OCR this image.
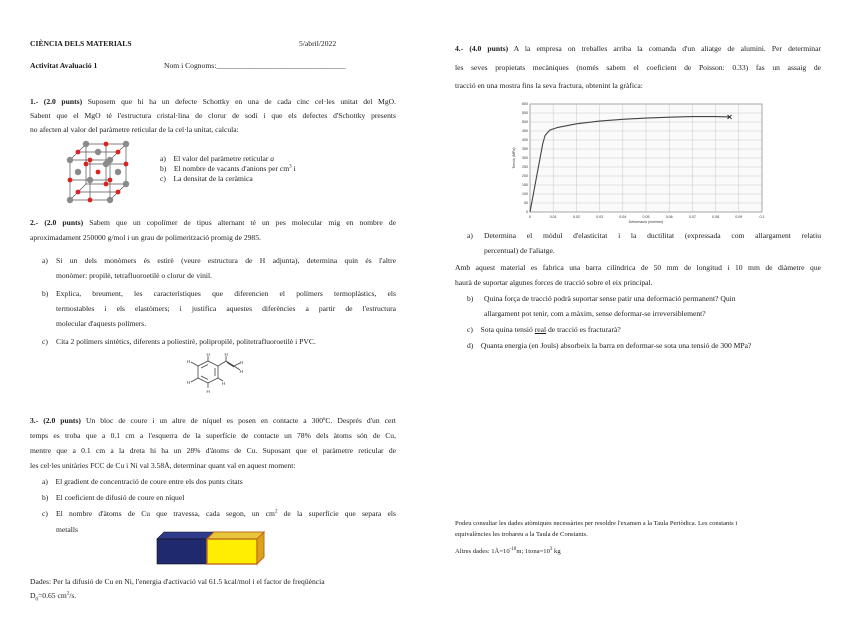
CIÈNCIA DELS MATERIALS	5/abril/2022
Activitat Avaluació 1	Nom i Cognoms:__________________________________
1.- (2.0 punts) Suposem que hi ha un defecte Schottky en una de cada cinc cel·les unitat del MgO.
Sabent que el MgO té l'estructura cristal·lina de clorur de sodi i que els defectes d'Schottky presents
no afecten al valor del paràmetre reticular de la cel·la unitat, calcula:
a) El valor del paràmetre reticular a
b) El nombre de vacants d'anions per $cm^3$ i
c) La densitat de la ceràmica
2.- (2.0 punts) Sabem que un copolímer de tipus alternant té un pes molecular mig en nombre de
aproximadament 250000 g/mol i un grau de polimerització promig de 2985.
a) Si un dels monòmers és estirè (veure estructura de H adjunta), determina quin és l'altre
monòmer: propilè, tetrafluoroetilè o clorur de vinil.
b) Explica, breument, les característiques que diferencien el polímers termoplàstics, els
termostables i els elastòmers; i justifica aquestes diferències a partir de l'estructura
molecular d'aquests polímers.
c) Cita 2 polímers sintètics, diferents a poliestirè, polipropilè, politetrafluoroetilè i PVC.
H
H
H
H
H
H
H
H
3.- (2.0 punts) Un bloc de coure i un altre de níquel es posen en contacte a 300ºC. Després d'un cert
temps es troba que a 0.1 cm a l'esquerra de la superfície de contacte un 78% dels àtoms són de Cu,
mentre que a 0.1 cm a la dreta hi ha un 28% d'àtoms de Cu. Suposant que el paràmetre reticular de
les cel·les unitàries FCC de Cu i Ni val 3.58Å, determinar quant val en aquest moment:
a) El gradient de concentració de coure entre els dos punts citats
b) El coeficient de difusió de coure en níquel
c) El nombre d'àtoms de Cu que travessa, cada segon, un $cm^2$ de la superfície que separa els
metalls
Dades: Per la difusió de Cu en Ni, l'energia d'activació val 61.5 kcal/mol i el factor de freqüència
$D_0=0.65$ $cm^2/s$.
4.- (4.0 punts) A la empresa on treballes arriba la comanda d'un aliatge de alumini. Per determinar
les seves propietats mecàniques (només sabem el coeficient de Poisson: 0.33) fas un assaig de
tracció en una mostra fins la seva fractura, obtenint la gràfica:
0	0.01	0.02	0.03	0.04	0.05	0.06	0.07	0.08	0.09	0.1
0
50
100
150
200
250
300
350
400
450
500
550
600
Deformació (mm/mm)
Tensió (MPa)
a) Determina el mòdul d'elasticitat i la ductilitat (expressada com allargament relatiu
percentual) de l'aliatge.
Amb aquest material es fabrica una barra cilíndrica de 50 mm de longitud i 10 mm de diàmetre que
haurà de suportar algunes forces de tracció sobre el eix principal.
b) Quina força de tracció podrà suportar sense patir una deformació permanent? Quin
allargament pot tenir, com a màxim, sense deformar-se irreversiblement?
c) Sota quina tensió real de tracció es fracturarà?
d) Quanta energia (en Jouls) absorbeix la barra en deformar-se sota una tensió de 300 MPa?
Podeu consultar les dades atòmiques necessàries per resoldre l'examen a la Taula Periòdica. Les constants i
equivalències les trobareu a la Taula de Constants.
Altres dades: $1Å=10^{-10}m$; $1tona=10^3$ kg
